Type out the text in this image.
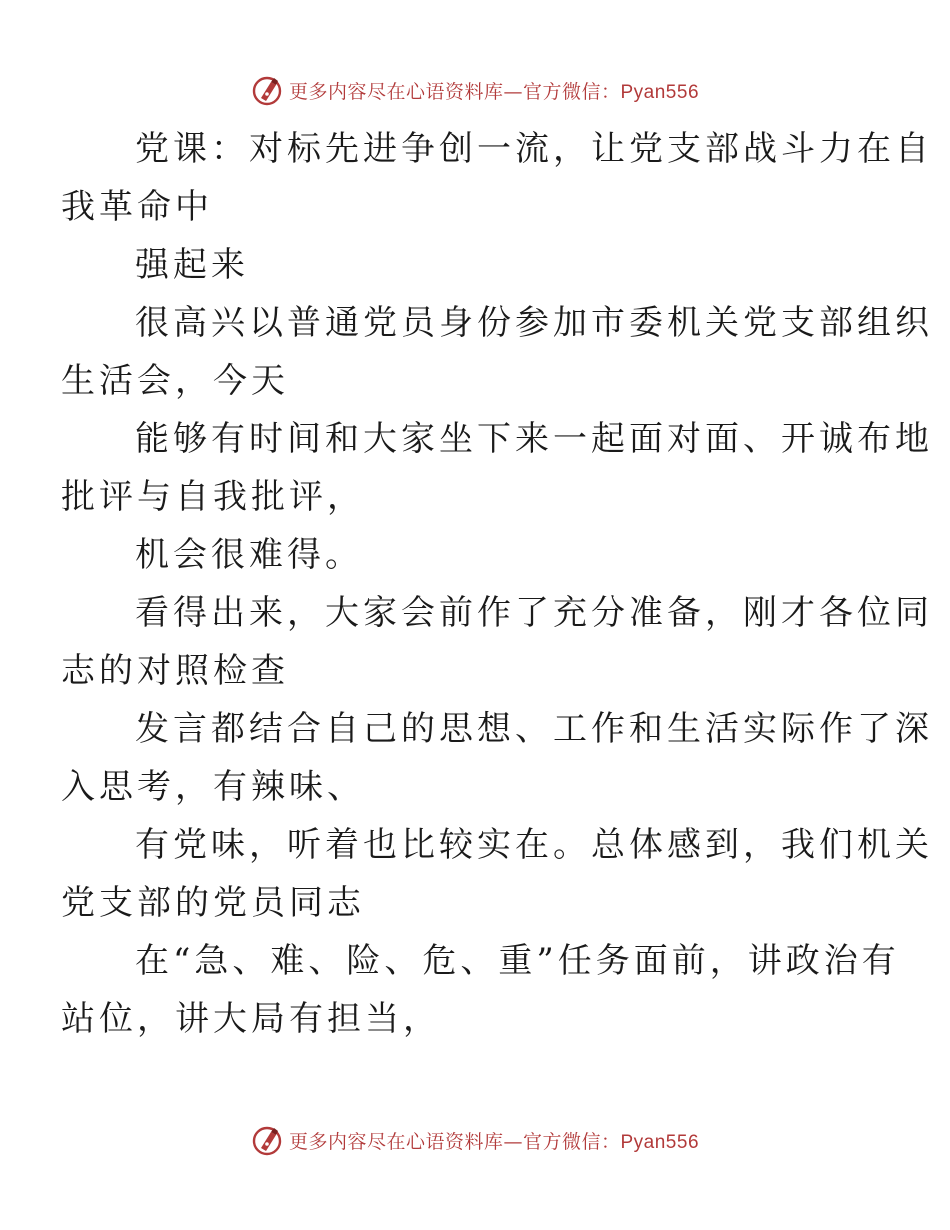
更多内容尽在心语资料库—官方微信：Pyan556
党课：对标先进争创一流，让党支部战斗力在自
我革命中
强起来
很高兴以普通党员身份参加市委机关党支部组织
生活会，今天
能够有时间和大家坐下来一起面对面、开诚布地
批评与自我批评，
机会很难得。
看得出来，大家会前作了充分准备，刚才各位同
志的对照检查
发言都结合自己的思想、工作和生活实际作了深
入思考，有辣味、
有党味，听着也比较实在。总体感到，我们机关
党支部的党员同志
在“急、难、险、危、重”任务面前，讲政治有
站位，讲大局有担当，
更多内容尽在心语资料库—官方微信：Pyan556
